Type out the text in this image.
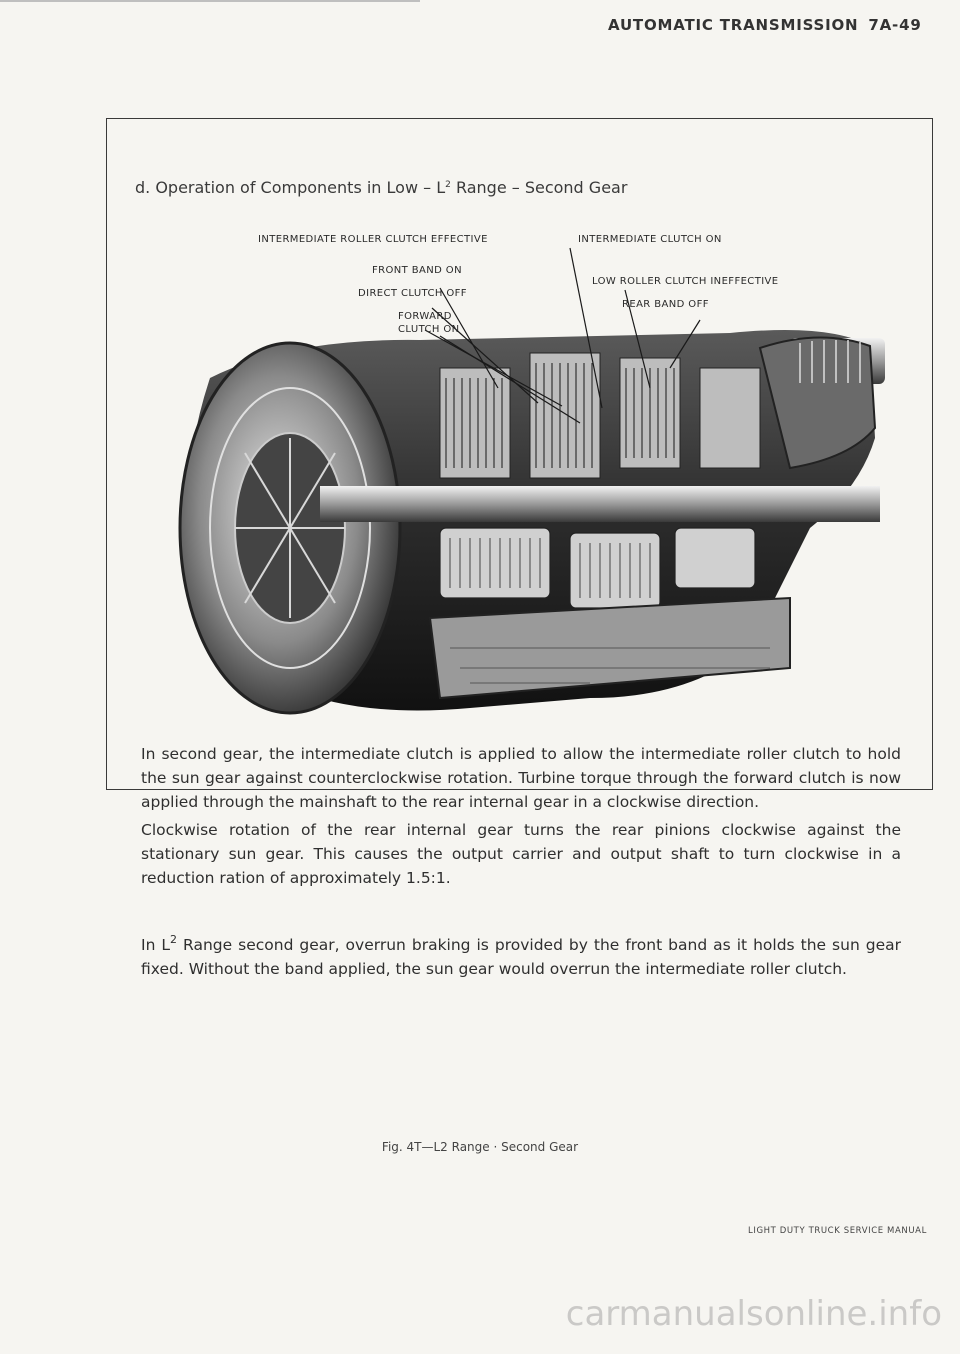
AUTOMATIC TRANSMISSION 7A-49
d. Operation of Components in Low – $L^2$ Range – Second Gear
INTERMEDIATE ROLLER CLUTCH EFFECTIVE	INTERMEDIATE CLUTCH ON
FRONT BAND ON
LOW ROLLER CLUTCH INEFFECTIVE
DIRECT CLUTCH OFF
REAR BAND OFF
FORWARD
CLUTCH ON
In second gear, the intermediate clutch is applied to allow the intermediate roller clutch to hold the sun gear against counterclockwise rotation. Turbine torque through the forward clutch is now applied through the mainshaft to the rear internal gear in a clockwise direction.
Clockwise rotation of the rear internal gear turns the rear pinions clockwise against the stationary sun gear. This causes the output carrier and output shaft to turn clockwise in a reduction ration of approximately 1.5:1.
In $L^2$ Range second gear, overrun braking is provided by the front band as it holds the sun gear fixed. Without the band applied, the sun gear would overrun the intermediate roller clutch.
Fig. 4T—L2 Range · Second Gear
LIGHT DUTY TRUCK SERVICE MANUAL
carmanualsonline.info
